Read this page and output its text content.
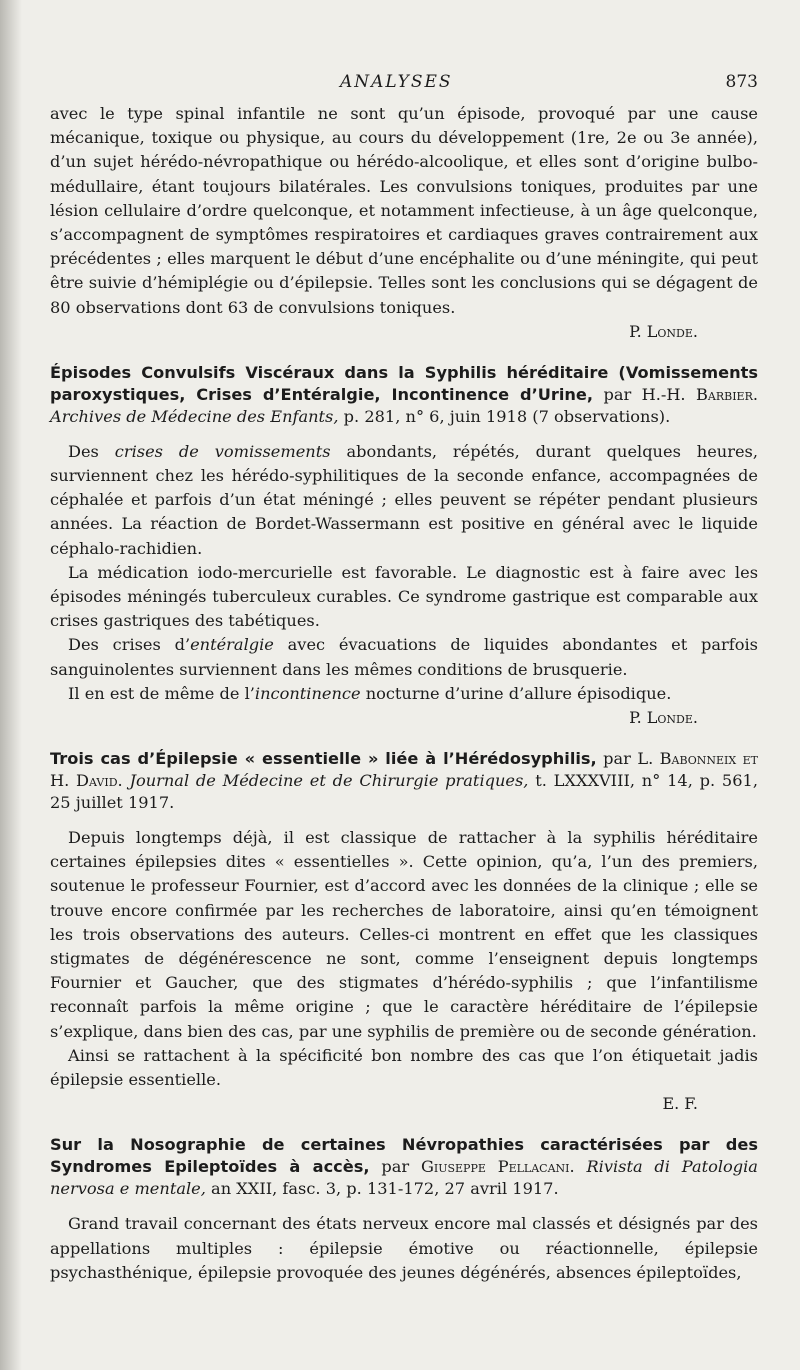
ANALYSES	873

avec le type spinal infantile ne sont qu’un épisode, provoqué par une cause mécanique, toxique ou physique, au cours du développement (1re, 2e ou 3e année), d’un sujet hérédo-névropathique ou hérédo-alcoolique, et elles sont d’origine bulbo-médullaire, étant toujours bilatérales. Les convulsions toniques, produites par une lésion cellulaire d’ordre quelconque, et notamment infectieuse, à un âge quelconque, s’accompagnent de symptômes respiratoires et cardiaques graves contrairement aux précédentes ; elles marquent le début d’une encéphalite ou d’une méningite, qui peut être suivie d’hémiplégie ou d’épilepsie. Telles sont les conclusions qui se dégagent de 80 observations dont 63 de convulsions toniques.

P. Londe.

Épisodes Convulsifs Viscéraux dans la Syphilis héréditaire (Vomissements paroxystiques, Crises d’Entéralgie, Incontinence d’Urine, par H.-H. Barbier. Archives de Médecine des Enfants, p. 281, n° 6, juin 1918 (7 observations).

Des crises de vomissements abondants, répétés, durant quelques heures, surviennent chez les hérédo-syphilitiques de la seconde enfance, accompagnées de céphalée et parfois d’un état méningé ; elles peuvent se répéter pendant plusieurs années. La réaction de Bordet-Wassermann est positive en général avec le liquide céphalo-rachidien.

La médication iodo-mercurielle est favorable. Le diagnostic est à faire avec les épisodes méningés tuberculeux curables. Ce syndrome gastrique est comparable aux crises gastriques des tabétiques.

Des crises d’entéralgie avec évacuations de liquides abondantes et parfois sanguinolentes surviennent dans les mêmes conditions de brusquerie.

Il en est de même de l’incontinence nocturne d’urine d’allure épisodique.

P. Londe.

Trois cas d’Épilepsie « essentielle » liée à l’Hérédosyphilis, par L. Babonneix et H. David. Journal de Médecine et de Chirurgie pratiques, t. LXXXVIII, n° 14, p. 561, 25 juillet 1917.

Depuis longtemps déjà, il est classique de rattacher à la syphilis héréditaire certaines épilepsies dites « essentielles ». Cette opinion, qu’a, l’un des premiers, soutenue le professeur Fournier, est d’accord avec les données de la clinique ; elle se trouve encore confirmée par les recherches de laboratoire, ainsi qu’en témoignent les trois observations des auteurs. Celles-ci montrent en effet que les classiques stigmates de dégénérescence ne sont, comme l’enseignent depuis longtemps Fournier et Gaucher, que des stigmates d’hérédo-syphilis ; que l’infantilisme reconnaît parfois la même origine ; que le caractère héréditaire de l’épilepsie s’explique, dans bien des cas, par une syphilis de première ou de seconde génération.

Ainsi se rattachent à la spécificité bon nombre des cas que l’on étiquetait jadis épilepsie essentielle.

E. F.

Sur la Nosographie de certaines Névropathies caractérisées par des Syndromes Epileptoïdes à accès, par Giuseppe Pellacani. Rivista di Patologia nervosa e mentale, an XXII, fasc. 3, p. 131-172, 27 avril 1917.

Grand travail concernant des états nerveux encore mal classés et désignés par des appellations multiples : épilepsie émotive ou réactionnelle, épilepsie psychasthénique, épilepsie provoquée des jeunes dégénérés, absences épileptoïdes,
